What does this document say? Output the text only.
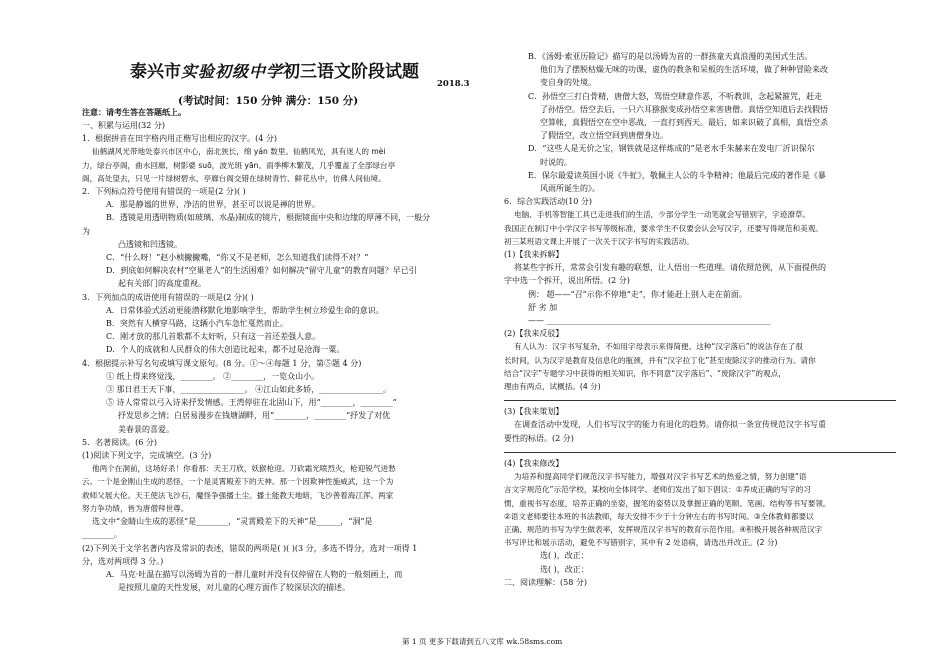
泰兴市实验初级中学初三语文阶段试题
2018.3
(考试时间：150 分钟 满分：150 分)
注意：请考生答在答题纸上。
一、积累与运用(32 分)
1．根据拼音在田字格内用正楷写出相应的汉字。(4 分)
仙鹤湖风光带地处泰兴市区中心，南北狭长，绵 yán 数里。仙鹤风光，具有迷人的 mèi
力，绿台亭阁，曲水回廊，树影婆 suō，波光斑 yān。雨季柳木繁茂，几乎覆盖了全部绿台亭
阁，高处望去，只见一片绿树碧水，亭廊台阁交错在绿树青竹、鲜花丛中，仿佛人间仙境。
2．下列标点符号使用有错误的一项是(2 分)( )
A．那是静谧的世界、净洁的世界，甚至可以说是禅的世界。
B．透镜是用透明物质(如玻璃、水晶)制成的镜片，根据镜面中央和边缘的厚薄不同，一般分
为
凸透镜和凹透镜。
C．“什么呀！”赵小桢撇撇嘴，“你又不是老师，怎么知道我们读得不对？”
D．到底如何解决农村“空巢老人”的生活困难？如何解决“留守儿童”的教育问题？早已引
起有关部门的高度重视。
3．下列加点的成语使用有错误的一项是(2 分)( )
A．日常体验式活动更能潜移默化地影响学生，帮助学生树立珍爱生命的意识。
B．突然有人横穿马路，这辆小汽车急忙戛然而止。
C．刚才放的那几首歌都不太好听，只有这一首还差强人意。
D．个人的成就和人民群众的伟大创造比起来，都不过是沧海一粟。
4．根据提示补写名句或填写课文原句。(8 分。①～④每题 1 分，第⑤题 4 分)
① 纸上得来终觉浅，________。 ②________，一览众山小。
③ 那日君王天下事，________________。 ④江山如此多娇，________________。
⑤ 诗人常常以弓入诗来抒发情感。王湾停驻在北固山下，用“________，________”
抒发思乡之情；白居易漫步在钱塘湖畔，用“________，________”抒发了对优
美春景的喜爱。
5．名著阅读。(6 分)
(1)阅读下列文字，完成填空。(3 分)
他两个在洞前，这场好杀！你看那：天王刀欣，妖猴枪迎。刀砍霜光喷烈火，枪迎锐气迸愁
云。一个是金刚山生成的恶怪，一个是灵霄殿差下的天神。那一个因欺神性施威武，这一个为
救师父展大伦。天王使法飞沙石，魔怪争强播土尘。播土能教天地暗，飞沙善着海江浑。两家
努力争功绩，皆为唐僧拜世尊。
选文中“金睛山生成的恶怪”是________，“灵霄殿差下的天神”是______，“洞”是
________。
(2)下列关于文学名著内容及常识的表述，错误的两项是( )( )(3 分，多选不得分，选对一项得 1
分，选对两项得 3 分。)
A．马克·吐温在描写以汤姆为首的一群儿童时并没有仅停留在人物的一般刻画上，而
是按照儿童的天性发展，对儿童的心理方面作了较深层次的描述。
B．《汤姆·索亚历险记》描写的是以汤姆为首的一群孩童天真浪漫的美国式生活。
他们为了摆脱枯燥无味的功课，虚伪的教条和呆板的生活环境，做了种种冒险来改
变自身的处境。
C．孙悟空三打白骨精，唐僧大怒，骂悟空肆意作恶，不听教训，念起紧箍咒，赶走
了孙悟空。悟空去后，一只六耳猕猴变成孙悟空来害唐僧。真悟空知道后去找假悟
空算帐，真假悟空在空中恶战，一直打到西天。最后，如来识破了真相，真悟空杀
了假悟空，改立悟空回到唐僧身边。
D．“这些人是无价之宝，钢铁就是这样炼成的”是老水手朱赫来在发电厂沂识保尔
时说的。
E．保尔最爱读英国小说《牛虻》，敬佩主人公的斗争精神；他最后完成的著作是《暴
风雨所诞生的》。
6．综合实践活动(10 分)
电脑、手机等智能工具已走进我们的生活，少部分学生一动笔就会写错别字，字迹潦草。
我国正在制订中小学汉字书写等级标准，要求学生不仅要会认会写汉字，还要写得规范和美观。
初三某班语文课上开展了一次关于汉字书写的实践活动。
(1)【我来拆解】
将某些字拆开，常常会引发有趣的联想，让人悟出一些道理。请依照范例，从下面提供的
字中选一个拆开，说出所悟。(2 分)
例： 超——“召”示你不停地“走”，你才能赶上别人走在前面。
舒 劣 加
—— ________________________________________________________
(2)【我来反驳】
有人认为：汉字书写复杂，不如用字母表示来得简便。这种“汉字落后”的说法存在了很
长时间，认为汉字是教育及信息化的瓶颈，并有“汉字拉丁化”甚至废除汉字的推动行为。请你
结合“汉字”专题学习中获得的相关知识，你不同意“汉字落后”、“废除汉字”的观点，
理由有两点，试概括。(4 分)
(3)【我来策划】
在调查活动中发现，人们书写汉字的能力有退化的趋势。请你拟一条宣传规范汉字书写重
要性的标语。(2 分)
(4)【我来修改】
为培养和提高同学们规范汉字书写能力，增强对汉字书写艺术的热爱之情，努力创建“语
言文字规范化”示范学校，某校向全体同学、老师们发出了如下倡议：①养成正确的写字的习
惯，重视书写态度，培养正确的坐姿，握笔的姿势以及掌握正确的笔顺、笔画、结构等书写要领。
②语文老师要往本班的书法教师，每天安排不少于十分钟左右的书写时间。③全体教师都要以
正确、规范的书写为学生做表率，发挥规范汉字书写的教育示范作用。④积极开展各种规范汉字
书写评比和展示活动，避免不写错别字，其中有 2 处语病，请选出并改正。(2 分)
选( )，改正：
选( )，改正：
二、阅读理解：(58 分)
第 1 页 更多下载请到五八文库 wk.58sms.com
